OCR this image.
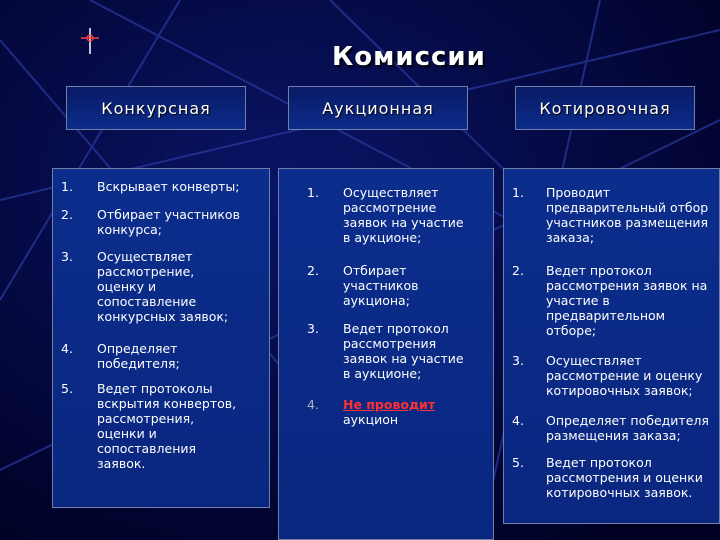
Комиссии
Конкурсная	Аукционная	Котировочная
1. Вскрывает конверты;
2. Отбирает участников
конкурса;
3. Осуществляет
рассмотрение,
оценку и
сопоставление
конкурсных заявок;
4. Определяет
победителя;
5. Ведет протоколы
вскрытия конвертов,
рассмотрения,
оценки и
сопоставления
заявок.
1. Осуществляет
рассмотрение
заявок на участие
в аукционе;
2. Отбирает
участников
аукциона;
3. Ведет протокол
рассмотрения
заявок на участие
в аукционе;
4. Не проводит
аукцион
1. Проводит
предварительный отбор
участников размещения
заказа;
2. Ведет протокол
рассмотрения заявок на
участие в
предварительном
отборе;
3. Осуществляет
рассмотрение и оценку
котировочных заявок;
4. Определяет победителя
размещения заказа;
5. Ведет протокол
рассмотрения и оценки
котировочных заявок.
